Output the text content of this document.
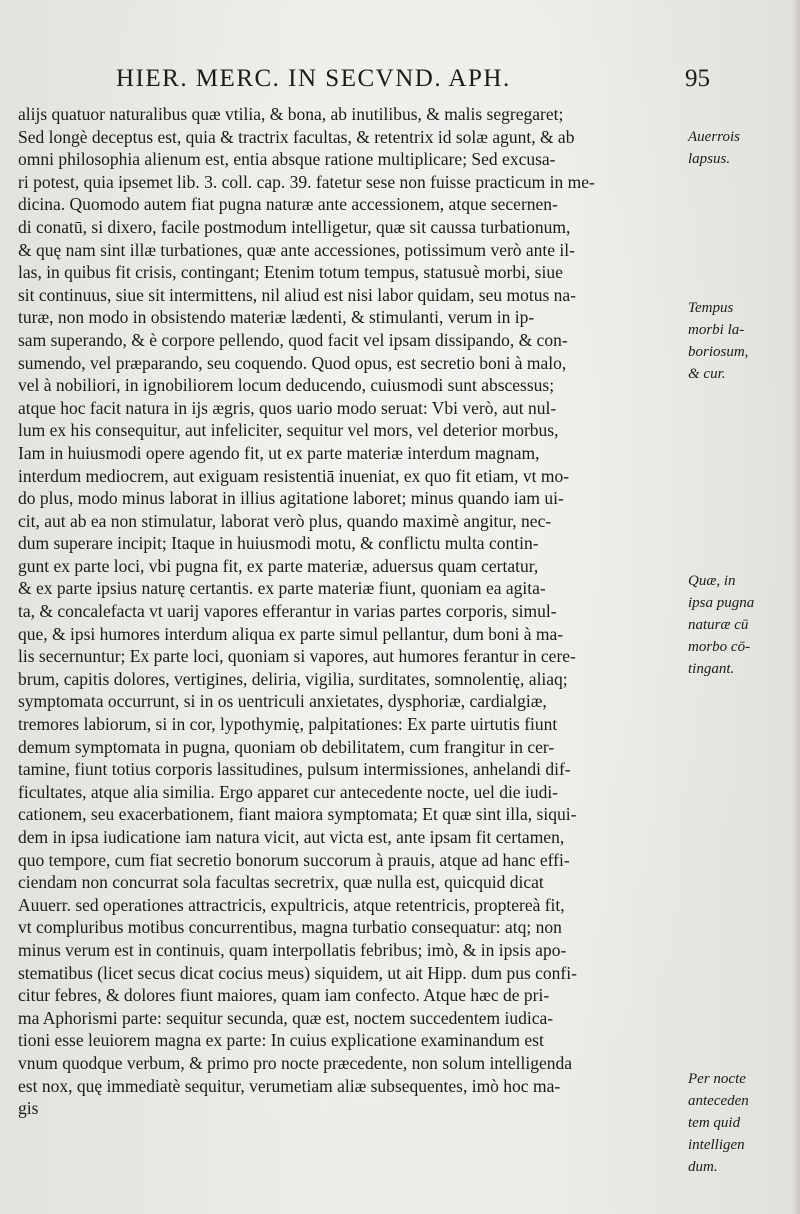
HIER. MERC. IN SECVND. APH.	95
alijs quatuor naturalibus quæ vtilia, & bona, ab inutilibus, & malis segregaret;
Sed longè deceptus est, quia & tractrix facultas, & retentrix id solæ agunt, & ab
omni philosophia alienum est, entia absque ratione multiplicare; Sed excusa-
ri potest, quia ipsemet lib. 3. coll. cap. 39. fatetur sese non fuisse practicum in me-
dicina. Quomodo autem fiat pugna naturæ ante accessionem, atque secernen-
di conatū, si dixero, facile postmodum intelligetur, quæ sit caussa turbationum,
& quę nam sint illæ turbationes, quæ ante accessiones, potissimum verò ante il-
las, in quibus fit crisis, contingant; Etenim totum tempus, statusuè morbi, siue
sit continuus, siue sit intermittens, nil aliud est nisi labor quidam, seu motus na-
turæ, non modo in obsistendo materiæ lædenti, & stimulanti, verum in ip-
sam superando, & è corpore pellendo, quod facit vel ipsam dissipando, & con-
sumendo, vel præparando, seu coquendo. Quod opus, est secretio boni à malo,
vel à nobiliori, in ignobiliorem locum deducendo, cuiusmodi sunt abscessus;
atque hoc facit natura in ijs ægris, quos uario modo seruat: Vbi verò, aut nul-
lum ex his consequitur, aut infeliciter, sequitur vel mors, vel deterior morbus,
Iam in huiusmodi opere agendo fit, ut ex parte materiæ interdum magnam,
interdum mediocrem, aut exiguam resistentiā inueniat, ex quo fit etiam, vt mo-
do plus, modo minus laborat in illius agitatione laboret; minus quando iam ui-
cit, aut ab ea non stimulatur, laborat verò plus, quando maximè angitur, nec-
dum superare incipit; Itaque in huiusmodi motu, & conflictu multa contin-
gunt ex parte loci, vbi pugna fit, ex parte materiæ, aduersus quam certatur,
& ex parte ipsius naturę certantis. ex parte materiæ fiunt, quoniam ea agita-
ta, & concalefacta vt uarij vapores efferantur in varias partes corporis, simul-
que, & ipsi humores interdum aliqua ex parte simul pellantur, dum boni à ma-
lis secernuntur; Ex parte loci, quoniam si vapores, aut humores ferantur in cere-
brum, capitis dolores, vertigines, deliria, vigilia, surditates, somnolentię, aliaq;
symptomata occurrunt, si in os uentriculi anxietates, dysphoriæ, cardialgiæ,
tremores labiorum, si in cor, lypothymię, palpitationes: Ex parte uirtutis fiunt
demum symptomata in pugna, quoniam ob debilitatem, cum frangitur in cer-
tamine, fiunt totius corporis lassitudines, pulsum intermissiones, anhelandi dif-
ficultates, atque alia similia. Ergo apparet cur antecedente nocte, uel die iudi-
cationem, seu exacerbationem, fiant maiora symptomata; Et quæ sint illa, siqui-
dem in ipsa iudicatione iam natura vicit, aut victa est, ante ipsam fit certamen,
quo tempore, cum fiat secretio bonorum succorum à prauis, atque ad hanc effi-
ciendam non concurrat sola facultas secretrix, quæ nulla est, quicquid dicat
Auuerr. sed operationes attractricis, expultricis, atque retentricis, proptereà fit,
vt compluribus motibus concurrentibus, magna turbatio consequatur: atq; non
minus verum est in continuis, quam interpollatis febribus; imò, & in ipsis apo-
stematibus (licet secus dicat cocius meus) siquidem, ut ait Hipp. dum pus confi-
citur febres, & dolores fiunt maiores, quam iam confecto. Atque hæc de pri-
ma Aphorismi parte: sequitur secunda, quæ est, noctem succedentem iudica-
tioni esse leuiorem magna ex parte: In cuius explicatione examinandum est
vnum quodque verbum, & primo pro nocte præcedente, non solum intelligenda
est nox, quę immediatè sequitur, verumetiam aliæ subsequentes, imò hoc ma-
gis
Auerrois
lapsus.
Tempus
morbi la-
boriosum,
& cur.
Quæ, in
ipsa pugna
naturæ cū
morbo cō-
tingant.
Per nocte
anteceden
tem quid
intelligen
dum.
